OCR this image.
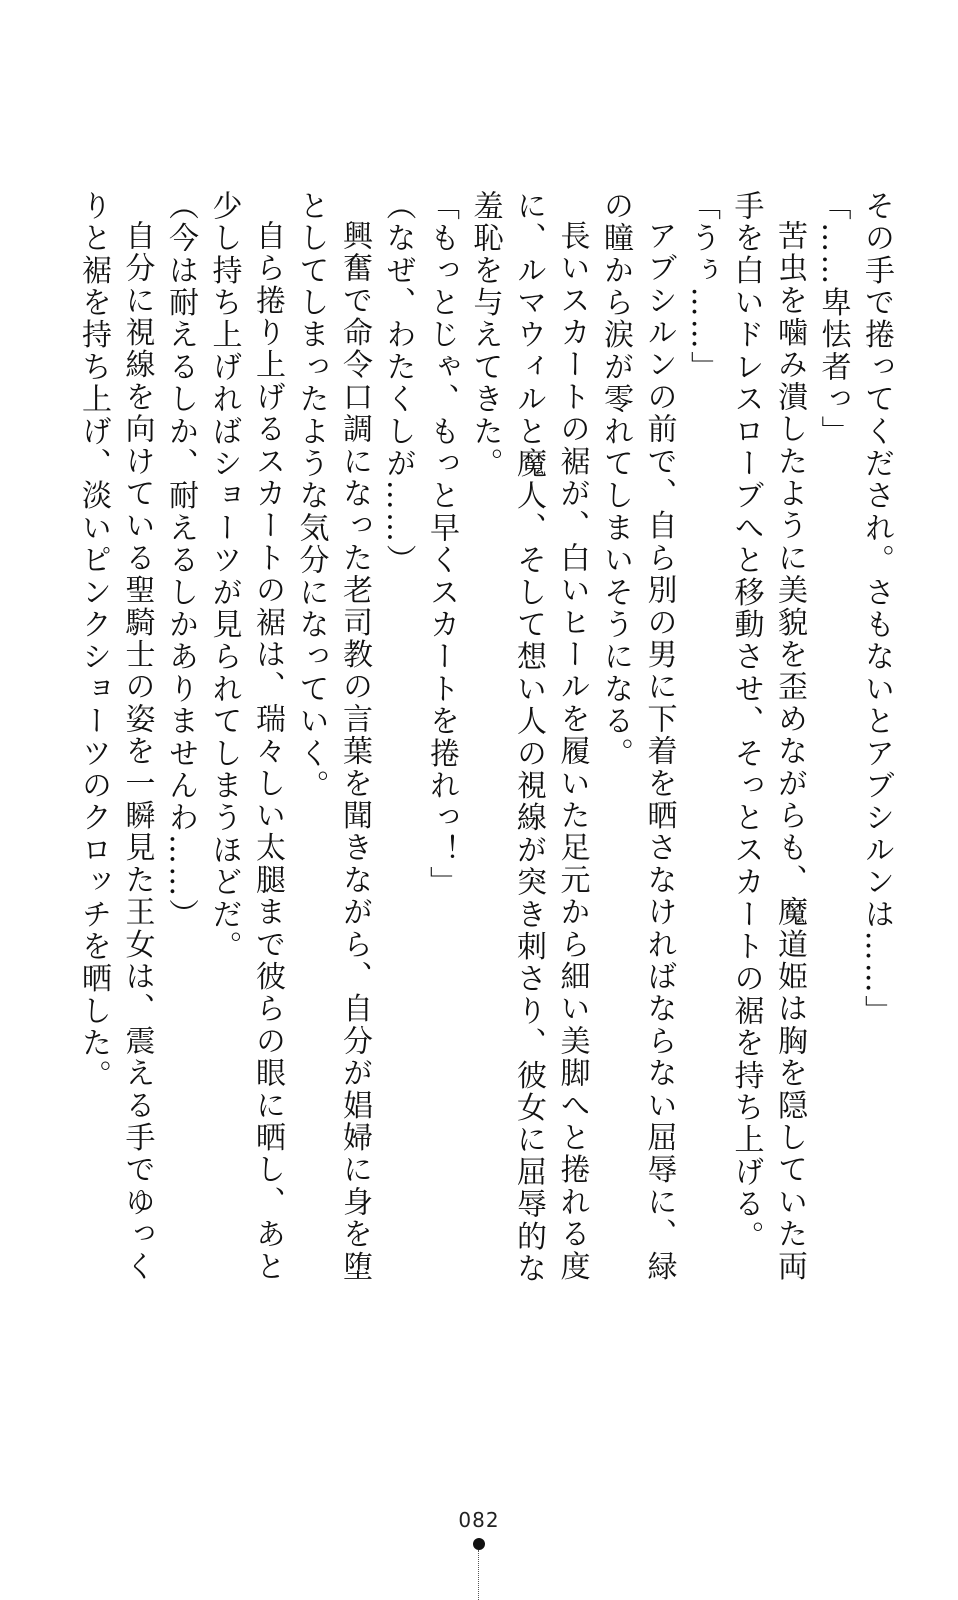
その手で捲ってくだされ。さもないとアブシルンは……」

「……卑怯者っ」

苦虫を噛み潰したように美貌を歪めながらも、魔道姫は胸を隠していた両手を白いドレスローブへと移動させ、そっとスカートの裾を持ち上げる。

「うぅ……」

アブシルンの前で、自ら別の男に下着を晒さなければならない屈辱に、緑の瞳から涙が零れてしまいそうになる。

長いスカートの裾が、白いヒールを履いた足元から細い美脚へと捲れる度に、ルマウィルと魔人、そして想い人の視線が突き刺さり、彼女に屈辱的な羞恥を与えてきた。

「もっとじゃ、もっと早くスカートを捲れっ！」

（なぜ、わたくしが……）

興奮で命令口調になった老司教の言葉を聞きながら、自分が娼婦に身を堕としてしまったような気分になっていく。

自ら捲り上げるスカートの裾は、瑞々しい太腿まで彼らの眼に晒し、あと少し持ち上げればショーツが見られてしまうほどだ。

（今は耐えるしか、耐えるしかありませんわ……）

自分に視線を向けている聖騎士の姿を一瞬見た王女は、震える手でゆっくりと裾を持ち上げ、淡いピンクショーツのクロッチを晒した。

082
